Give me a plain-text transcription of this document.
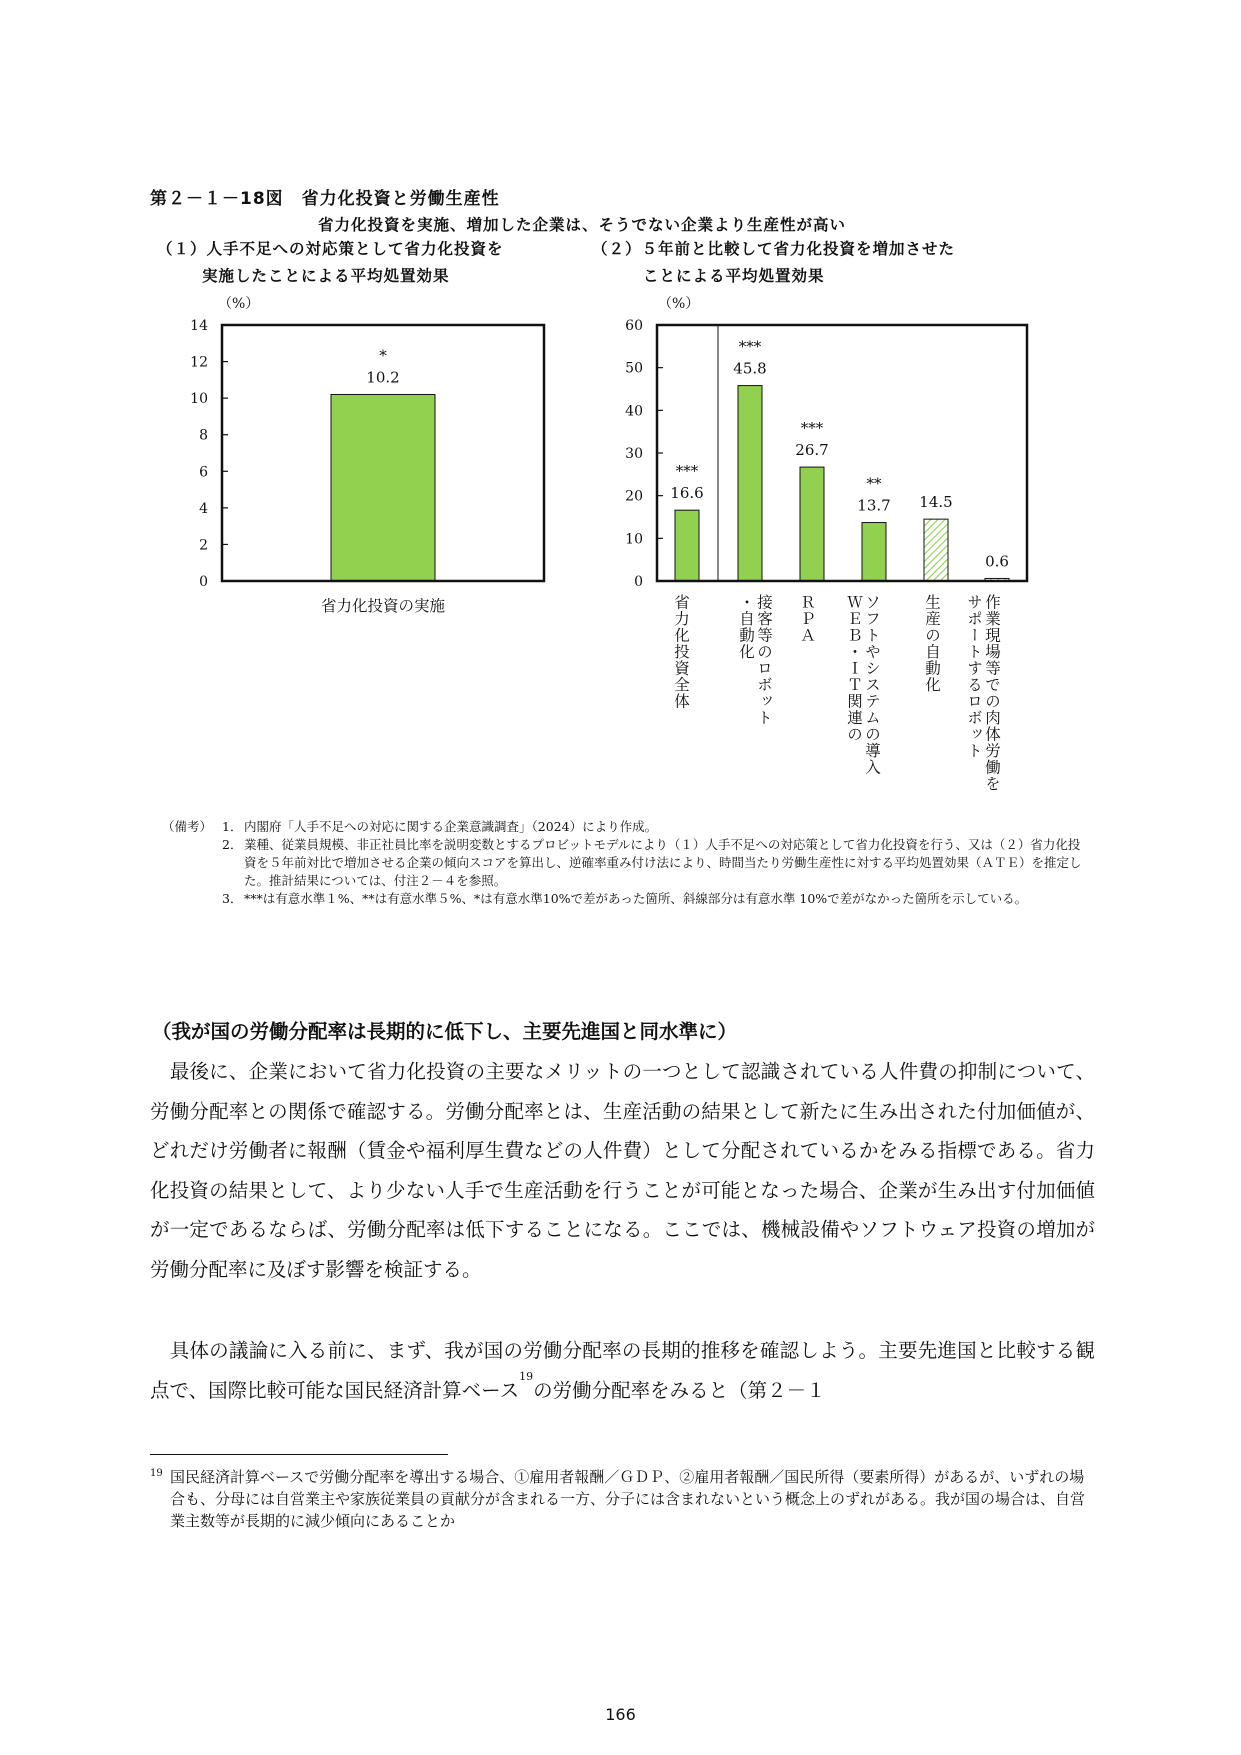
第２－１－18図　省力化投資と労働生産性
省力化投資を実施、増加した企業は、そうでない企業より生産性が高い
（１）人手不足への対応策として省力化投資を
実施したことによる平均処置効果
（%）
（２）５年前と比較して省力化投資を増加させた
ことによる平均処置効果
（%）
0
2
4
6
8
10
12
14
10.2
*
0
10
20
30
40
50
60
16.6
***
45.8
***
26.7
***
13.7
**
14.5
0.6
省力化投資の実施	省力化投資全体	接客等のロボット
・自動化	ＲＰＡ	ソフトやシステムの導入
ＷＥＢ・ＩＴ関連の	生産の自動化	作業現場等での肉体労働を
サポートするロボット
（備考） 1． 内閣府「人手不足への対応に関する企業意識調査」（2024）により作成。
2． 業種、従業員規模、非正社員比率を説明変数とするプロビットモデルにより（１）人手不足への対応策として省力化投資を行う、又は（２）省力化投資を５年前対比で増加させる企業の傾向スコアを算出し、逆確率重み付け法により、時間当たり労働生産性に対する平均処置効果（ＡＴＥ）を推定した。推計結果については、付注２－４を参照。
3． ***は有意水準１%、**は有意水準５%、*は有意水準10%で差があった箇所、斜線部分は有意水準 10%で差がなかった箇所を示している。
（我が国の労働分配率は長期的に低下し、主要先進国と同水準に）
　最後に、企業において省力化投資の主要なメリットの一つとして認識されている人件費の抑制について、労働分配率との関係で確認する。労働分配率とは、生産活動の結果として新たに生み出された付加価値が、どれだけ労働者に報酬（賃金や福利厚生費などの人件費）として分配されているかをみる指標である。省力化投資の結果として、より少ない人手で生産活動を行うことが可能となった場合、企業が生み出す付加価値が一定であるならば、労働分配率は低下することになる。ここでは、機械設備やソフトウェア投資の増加が労働分配率に及ぼす影響を検証する。
　具体の議論に入る前に、まず、我が国の労働分配率の長期的推移を確認しよう。主要先進国と比較する観点で、国際比較可能な国民経済計算ベース$^{19}$の労働分配率をみると（第２－１
19 国民経済計算ベースで労働分配率を導出する場合、①雇用者報酬／ＧＤＰ、②雇用者報酬／国民所得（要素所得）があるが、いずれの場合も、分母には自営業主や家族従業員の貢献分が含まれる一方、分子には含まれないという概念上のずれがある。我が国の場合は、自営業主数等が長期的に減少傾向にあることか
166
